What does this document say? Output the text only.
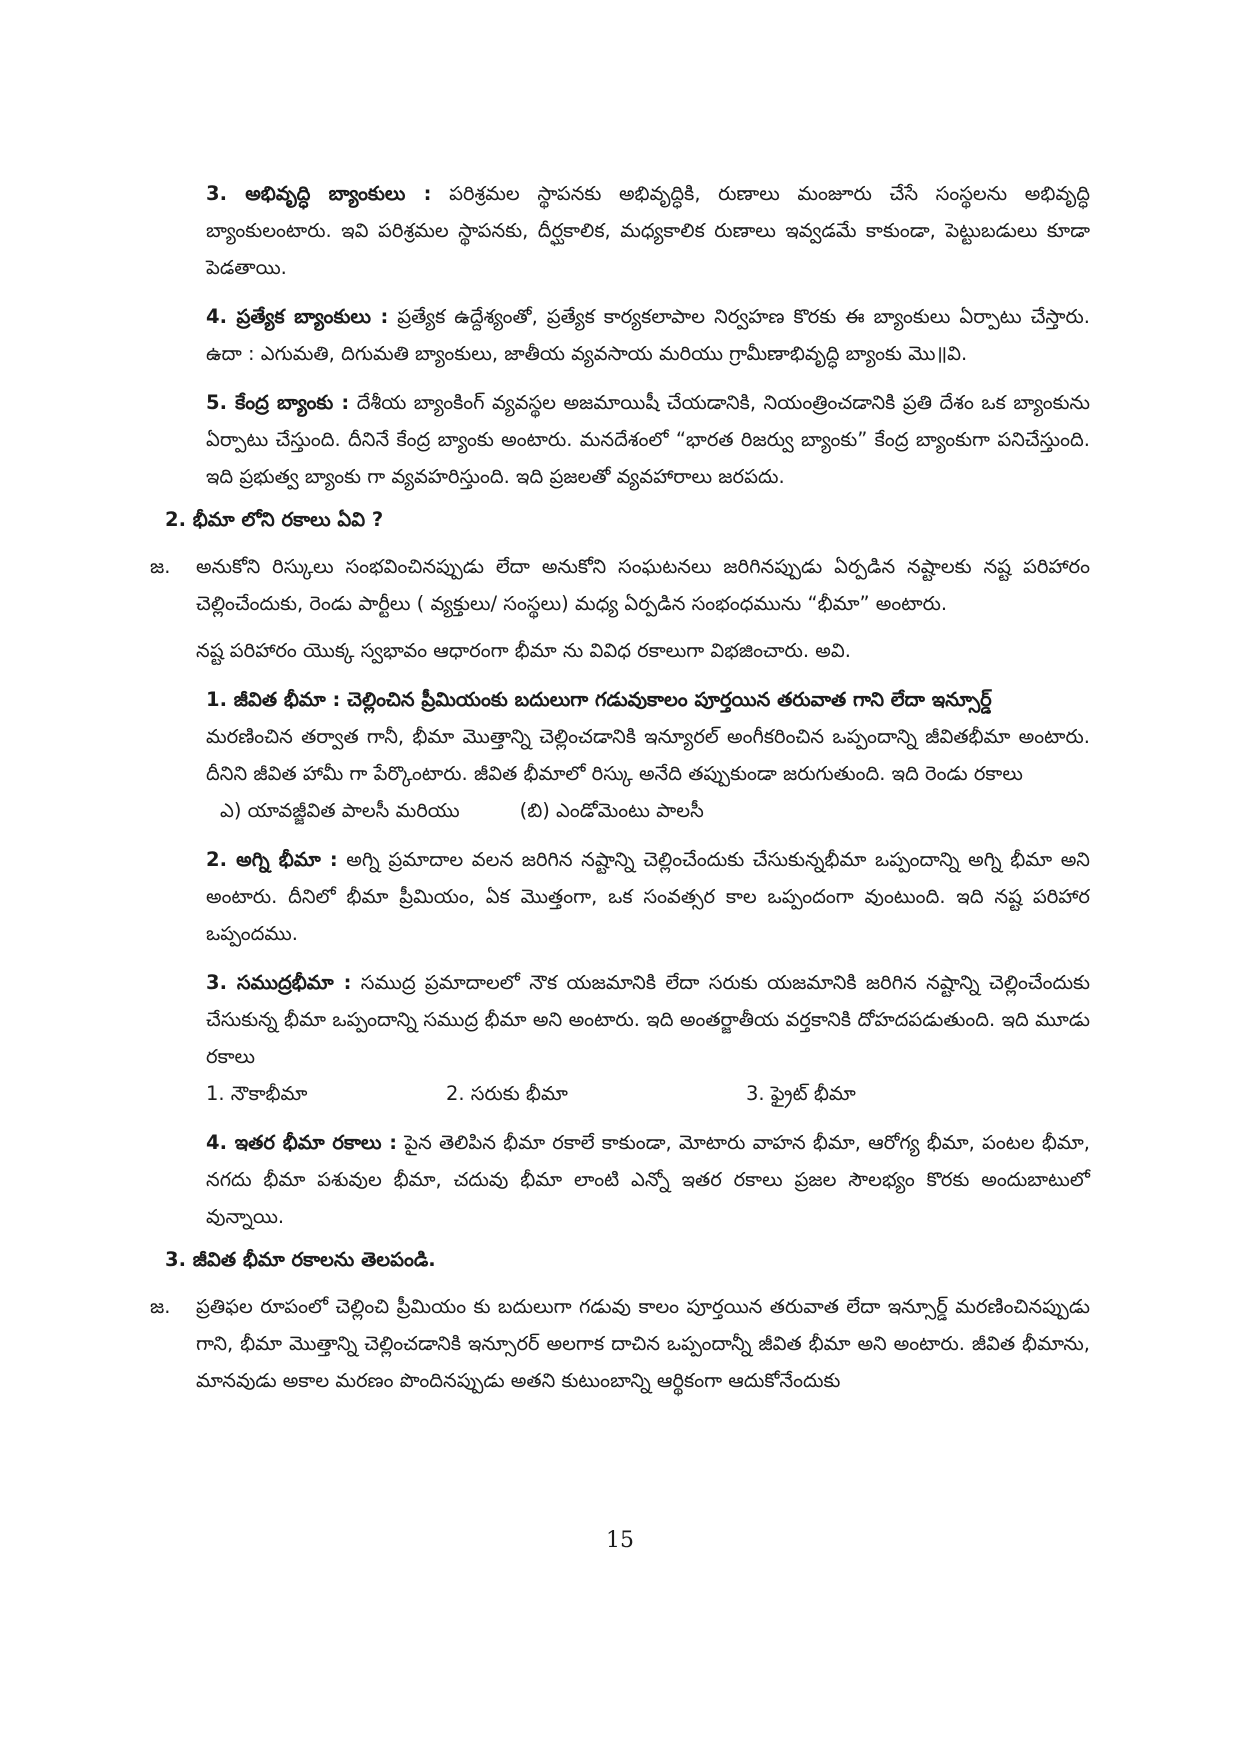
3. అభివృద్ధి బ్యాంకులు : పరిశ్రమల స్థాపనకు అభివృద్ధికి, రుణాలు మంజూరు చేసే సంస్థలను అభివృద్ధి బ్యాంకులంటారు. ఇవి పరిశ్రమల స్థాపనకు, దీర్ఘకాలిక, మధ్యకాలిక రుణాలు ఇవ్వడమే కాకుండా, పెట్టుబడులు కూడా పెడతాయి.

4. ప్రత్యేక బ్యాంకులు : ప్రత్యేక ఉద్దేశ్యంతో, ప్రత్యేక కార్యకలాపాల నిర్వహణ కొరకు ఈ బ్యాంకులు ఏర్పాటు చేస్తారు. ఉదా : ఎగుమతి, దిగుమతి బ్యాంకులు, జాతీయ వ్యవసాయ మరియు గ్రామీణాభివృద్ధి బ్యాంకు మొ॥వి.

5. కేంద్ర బ్యాంకు : దేశీయ బ్యాంకింగ్ వ్యవస్థల అజమాయిషీ చేయడానికి, నియంత్రించడానికి ప్రతి దేశం ఒక బ్యాంకును ఏర్పాటు చేస్తుంది. దీనినే కేంద్ర బ్యాంకు అంటారు. మనదేశంలో “భారత రిజర్వు బ్యాంకు” కేంద్ర బ్యాంకుగా పనిచేస్తుంది. ఇది ప్రభుత్వ బ్యాంకు గా వ్యవహరిస్తుంది. ఇది ప్రజలతో వ్యవహారాలు జరపదు.

2. భీమా లోని రకాలు ఏవి ?

జ.	అనుకోని రిస్కులు సంభవించినప్పుడు లేదా అనుకోని సంఘటనలు జరిగినప్పుడు ఏర్పడిన నష్టాలకు నష్ట పరిహారం చెల్లించేందుకు, రెండు పార్టీలు ( వ్యక్తులు/ సంస్థలు) మధ్య ఏర్పడిన సంభంధమును “భీమా” అంటారు.

నష్ట పరిహారం యొక్క స్వభావం ఆధారంగా భీమా ను వివిధ రకాలుగా విభజించారు. అవి.

1. జీవిత భీమా : చెల్లించిన ప్రీమియంకు బదులుగా గడువుకాలం పూర్తయిన తరువాత గాని లేదా ఇన్సూర్డ్
మరణించిన తర్వాత గానీ, భీమా మొత్తాన్ని చెల్లించడానికి ఇన్యూరల్ అంగీకరించిన ఒప్పందాన్ని జీవితభీమా అంటారు. దీనిని జీవిత హామీ గా పేర్కొంటారు. జీవిత భీమాలో రిస్కు అనేది తప్పుకుండా జరుగుతుంది. ఇది రెండు రకాలు

ఎ) యావజ్జీవిత పాలసీ మరియు	(బి) ఎండోమెంటు పాలసీ

2. అగ్ని భీమా : అగ్ని ప్రమాదాల వలన జరిగిన నష్టాన్ని చెల్లించేందుకు చేసుకున్నభీమా ఒప్పందాన్ని అగ్ని భీమా అని అంటారు. దీనిలో భీమా ప్రీమియం, ఏక మొత్తంగా, ఒక సంవత్సర కాల ఒప్పందంగా వుంటుంది. ఇది నష్ట పరిహార ఒప్పందము.

3. సముద్రభీమా : సముద్ర ప్రమాదాలలో నౌక యజమానికి లేదా సరుకు యజమానికి జరిగిన నష్టాన్ని చెల్లించేందుకు చేసుకున్న భీమా ఒప్పందాన్ని సముద్ర భీమా అని అంటారు. ఇది అంతర్జాతీయ వర్తకానికి దోహదపడుతుంది. ఇది మూడు రకాలు

1. నౌకాభీమా	2. సరుకు భీమా	3. ఫ్రైట్ భీమా

4. ఇతర భీమా రకాలు : పైన తెలిపిన భీమా రకాలే కాకుండా, మోటారు వాహన భీమా, ఆరోగ్య భీమా, పంటల భీమా, నగదు భీమా పశువుల భీమా, చదువు భీమా లాంటి ఎన్నో ఇతర రకాలు ప్రజల సౌలభ్యం కొరకు అందుబాటులో వున్నాయి.

3. జీవిత భీమా రకాలను తెలపండి.

జ.	ప్రతిఫల రూపంలో చెల్లించి ప్రీమియం కు బదులుగా గడువు కాలం పూర్తయిన తరువాత లేదా ఇన్సూర్డ్ మరణించినప్పుడు గాని, భీమా మొత్తాన్ని చెల్లించడానికి ఇన్సూరర్ అలగాక దాచిన ఒప్పందాన్నీ జీవిత భీమా అని అంటారు. జీవిత భీమాను, మానవుడు అకాల మరణం పొందినప్పుడు అతని కుటుంబాన్ని ఆర్థికంగా ఆదుకోనేందుకు
15
